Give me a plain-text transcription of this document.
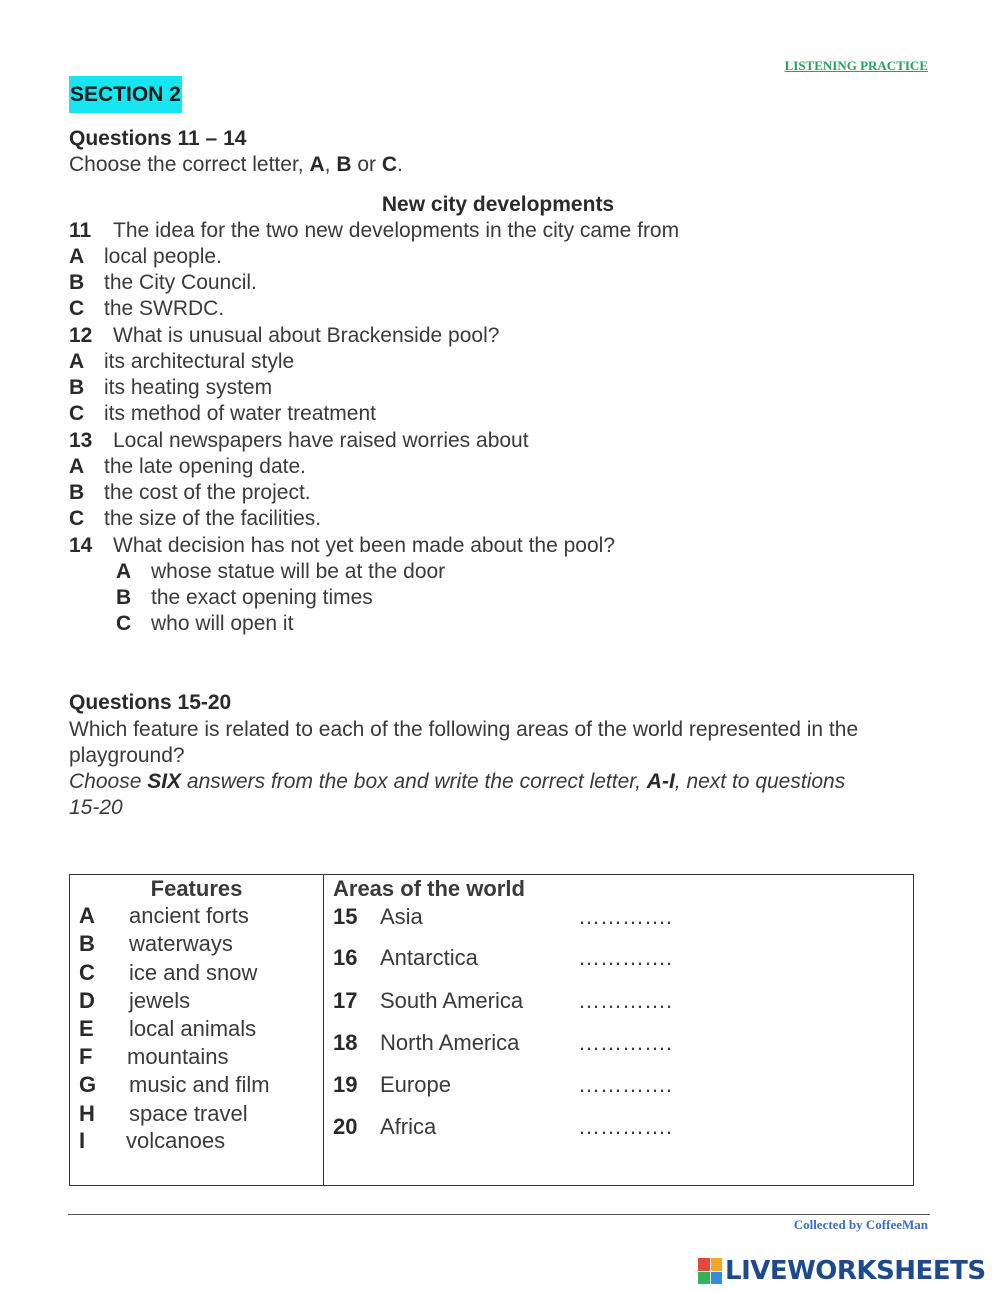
LISTENING PRACTICE
SECTION 2
Questions 11 – 14
Choose the correct letter, A, B or C.
New city developments
11 The idea for the two new developments in the city came from
A local people.
B the City Council.
C the SWRDC.
12 What is unusual about Brackenside pool?
A its architectural style
B its heating system
C its method of water treatment
13 Local newspapers have raised worries about
A the late opening date.
B the cost of the project.
C the size of the facilities.
14 What decision has not yet been made about the pool?
A whose statue will be at the door
B the exact opening times
C who will open it
Questions 15-20
Which feature is related to each of the following areas of the world represented in the
playground?
Choose SIX answers from the box and write the correct letter, A-I, next to questions
15-20
Features
A ancient forts
B waterways
C ice and snow
D jewels
E local animals
F mountains
G music and film
H space travel
I volcanoes
Areas of the world
15 Asia	………….
16 Antarctica	………….
17 South America ………….
18 North America	………….
19 Europe	………….
20 Africa	………….
Collected by CoffeeMan
LIVEWORKSHEETS
